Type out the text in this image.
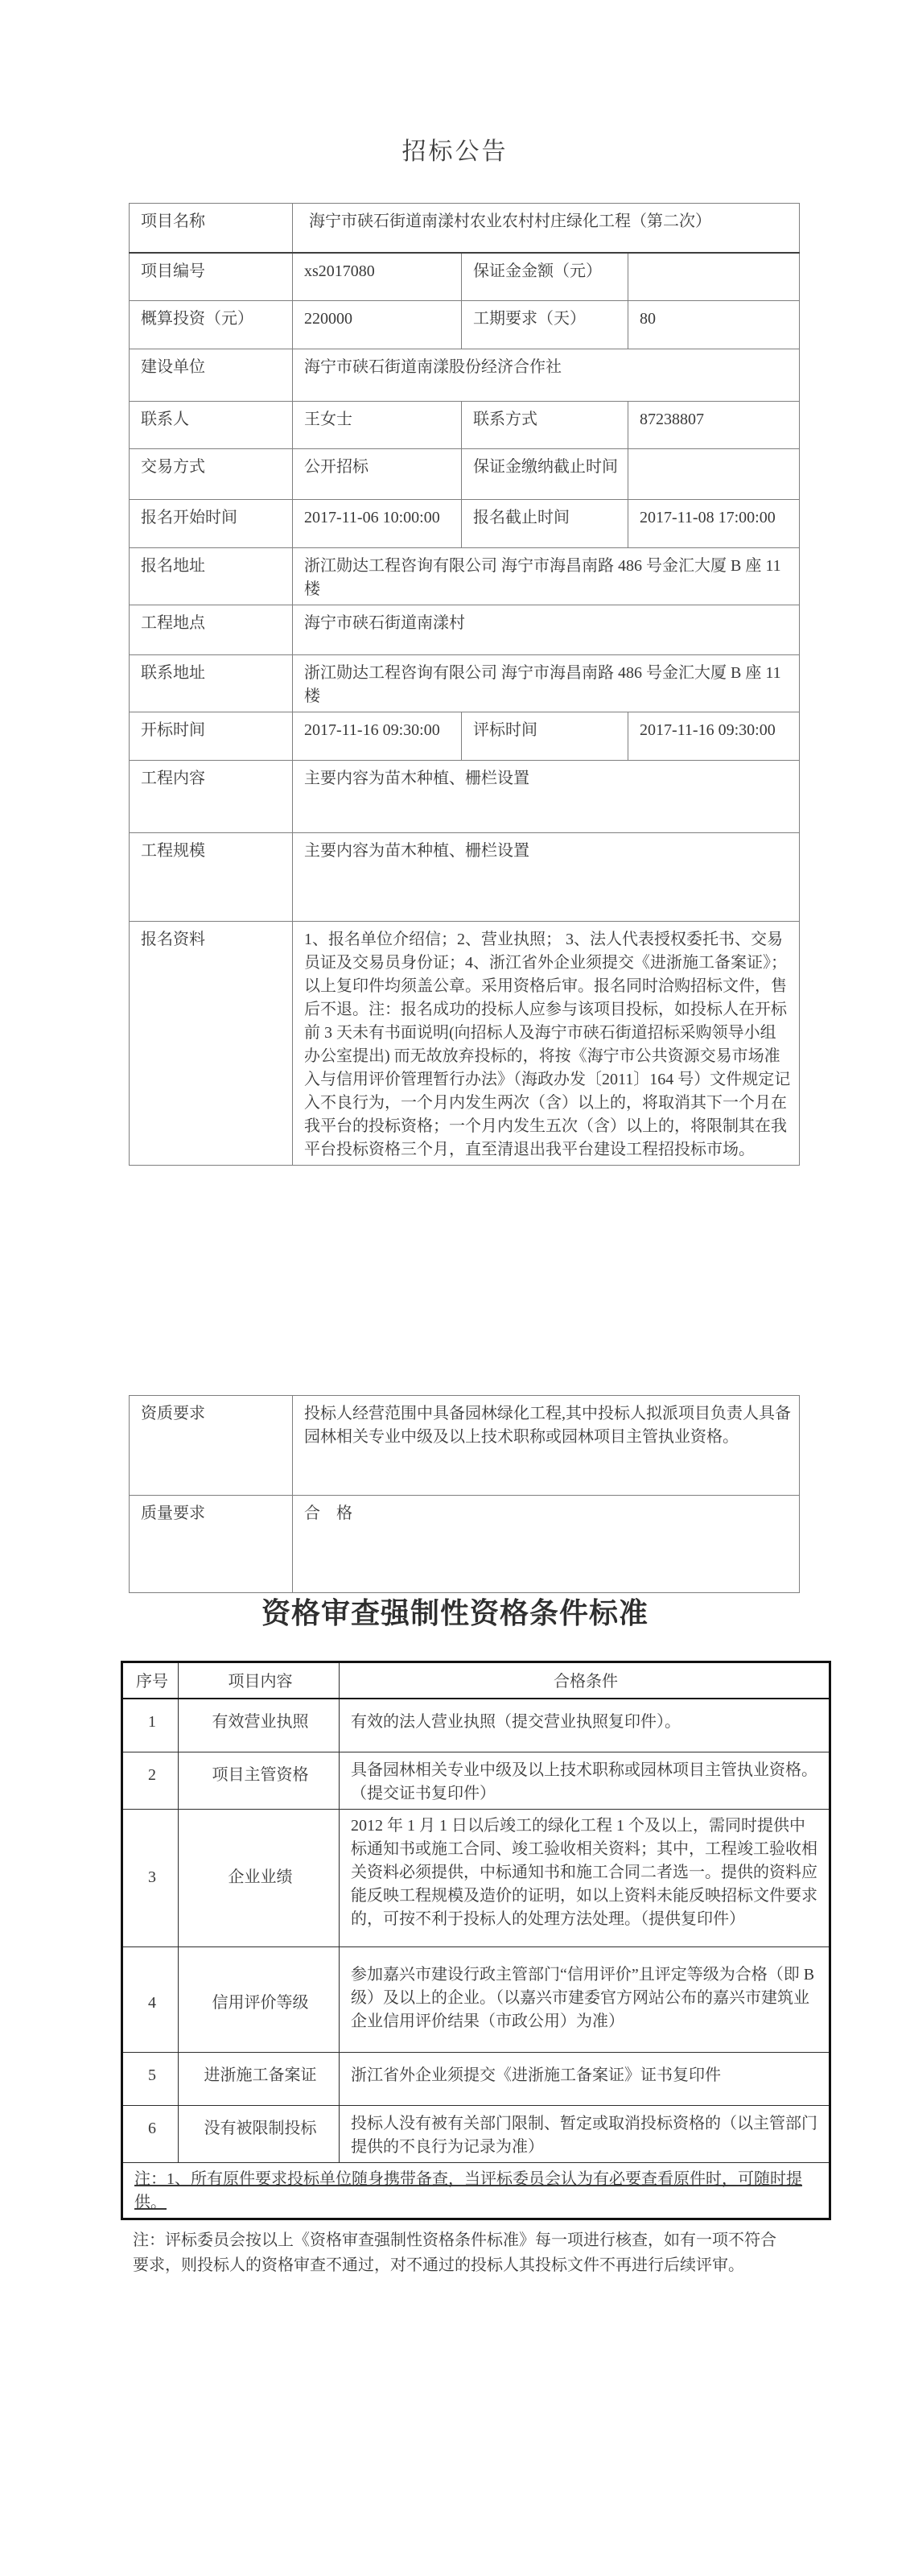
招标公告
项目名称	海宁市硖石街道南漾村农业农村村庄绿化工程（第二次）		
项目编号	xs2017080	保证金金额（元）	
概算投资（元）	220000	工期要求（天）	80
建设单位	海宁市硖石街道南漾股份经济合作社		
联系人	王女士	联系方式	87238807
交易方式	公开招标	保证金缴纳截止时间	
报名开始时间	2017-11-06 10:00:00	报名截止时间	2017-11-08 17:00:00
报名地址	浙江勋达工程咨询有限公司 海宁市海昌南路 486 号金汇大厦 B 座 11 楼		
工程地点	海宁市硖石街道南漾村		
联系地址	浙江勋达工程咨询有限公司 海宁市海昌南路 486 号金汇大厦 B 座 11 楼		
开标时间	2017-11-16 09:30:00	评标时间	2017-11-16 09:30:00
工程内容	主要内容为苗木种植、栅栏设置		
工程规模	主要内容为苗木种植、栅栏设置		
报名资料	1、报名单位介绍信；2、营业执照； 3、法人代表授权委托书、交易员证及交易员身份证；4、浙江省外企业须提交《进浙施工备案证》；以上复印件均须盖公章。采用资格后审。报名同时洽购招标文件，售后不退。注：报名成功的投标人应参与该项目投标，如投标人在开标前 3 天未有书面说明(向招标人及海宁市硖石街道招标采购领导小组办公室提出) 而无故放弃投标的，将按《海宁市公共资源交易市场准入与信用评价管理暂行办法》（海政办发〔2011〕164 号）文件规定记入不良行为，一个月内发生两次（含）以上的，将取消其下一个月在我平台的投标资格；一个月内发生五次（含）以上的，将限制其在我平台投标资格三个月，直至清退出我平台建设工程招投标市场。		
资质要求	投标人经营范围中具备园林绿化工程,其中投标人拟派项目负责人具备园林相关专业中级及以上技术职称或园林项目主管执业资格。
质量要求	合　格
资格审查强制性资格条件标准
序号	项目内容	合格条件
1	有效营业执照	有效的法人营业执照（提交营业执照复印件）。
2	项目主管资格	具备园林相关专业中级及以上技术职称或园林项目主管执业资格。（提交证书复印件）
3	企业业绩	2012 年 1 月 1 日以后竣工的绿化工程 1 个及以上，需同时提供中标通知书或施工合同、竣工验收相关资料；其中，工程竣工验收相关资料必须提供，中标通知书和施工合同二者选一。提供的资料应能反映工程规模及造价的证明，如以上资料未能反映招标文件要求的，可按不利于投标人的处理方法处理。（提供复印件）
4	信用评价等级	参加嘉兴市建设行政主管部门“信用评价”且评定等级为合格（即 B 级）及以上的企业。（以嘉兴市建委官方网站公布的嘉兴市建筑业企业信用评价结果（市政公用）为准）
5	进浙施工备案证	浙江省外企业须提交《进浙施工备案证》证书复印件
6	没有被限制投标	投标人没有被有关部门限制、暂定或取消投标资格的（以主管部门提供的不良行为记录为准）
注：1、所有原件要求投标单位随身携带备查，当评标委员会认为有必要查看原件时，可随时提供。		
注：评标委员会按以上《资格审查强制性资格条件标准》每一项进行核查，如有一项不符合要求，则投标人的资格审查不通过，对不通过的投标人其投标文件不再进行后续评审。
